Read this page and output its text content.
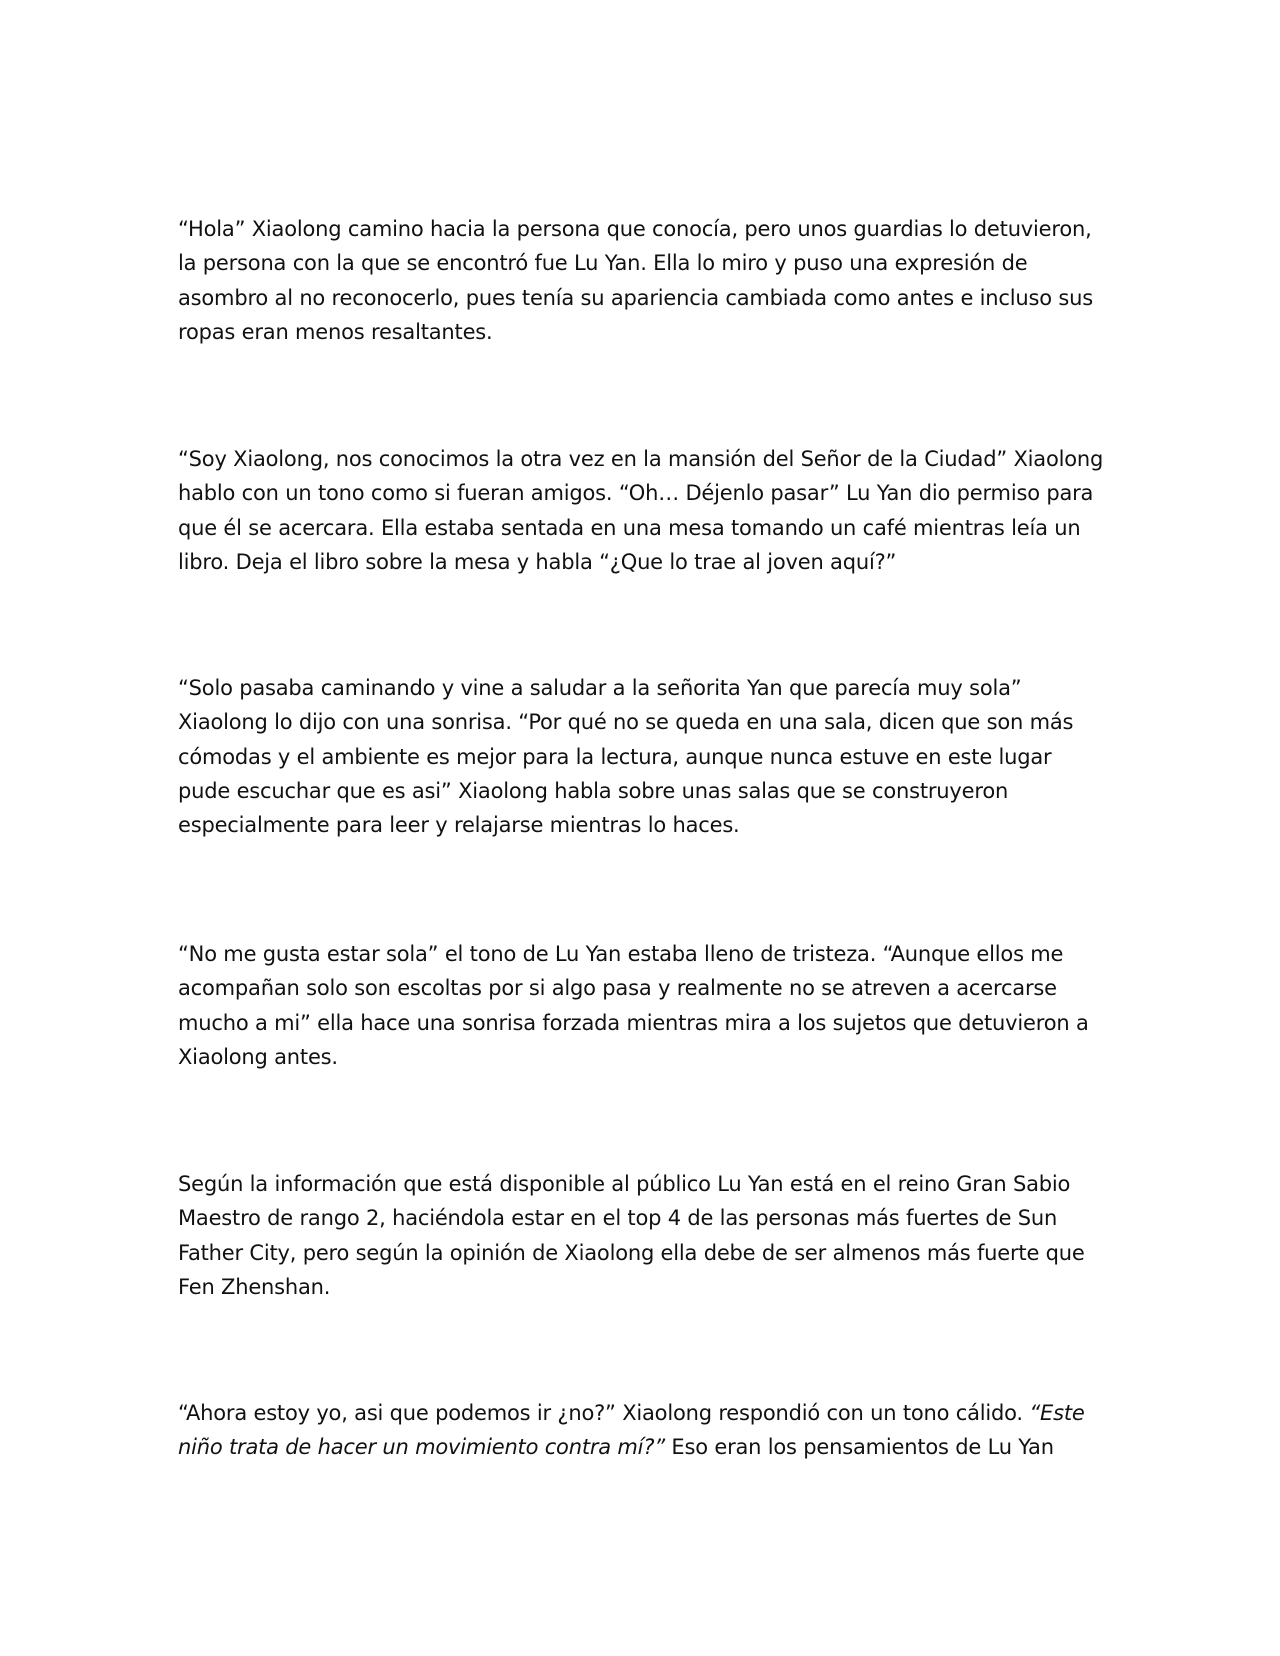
“Hola” Xiaolong camino hacia la persona que conocía, pero unos guardias lo detuvieron, la persona con la que se encontró fue Lu Yan. Ella lo miro y puso una expresión de asombro al no reconocerlo, pues tenía su apariencia cambiada como antes e incluso sus ropas eran menos resaltantes.

“Soy Xiaolong, nos conocimos la otra vez en la mansión del Señor de la Ciudad” Xiaolong hablo con un tono como si fueran amigos. “Oh… Déjenlo pasar” Lu Yan dio permiso para que él se acercara. Ella estaba sentada en una mesa tomando un café mientras leía un libro. Deja el libro sobre la mesa y habla “¿Que lo trae al joven aquí?”

“Solo pasaba caminando y vine a saludar a la señorita Yan que parecía muy sola” Xiaolong lo dijo con una sonrisa. “Por qué no se queda en una sala, dicen que son más cómodas y el ambiente es mejor para la lectura, aunque nunca estuve en este lugar pude escuchar que es asi” Xiaolong habla sobre unas salas que se construyeron especialmente para leer y relajarse mientras lo haces.

“No me gusta estar sola” el tono de Lu Yan estaba lleno de tristeza. “Aunque ellos me acompañan solo son escoltas por si algo pasa y realmente no se atreven a acercarse mucho a mi” ella hace una sonrisa forzada mientras mira a los sujetos que detuvieron a Xiaolong antes.

Según la información que está disponible al público Lu Yan está en el reino Gran Sabio Maestro de rango 2, haciéndola estar en el top 4 de las personas más fuertes de Sun Father City, pero según la opinión de Xiaolong ella debe de ser almenos más fuerte que Fen Zhenshan.

“Ahora estoy yo, asi que podemos ir ¿no?” Xiaolong respondió con un tono cálido. “Este niño trata de hacer un movimiento contra mí?” Eso eran los pensamientos de Lu Yan
